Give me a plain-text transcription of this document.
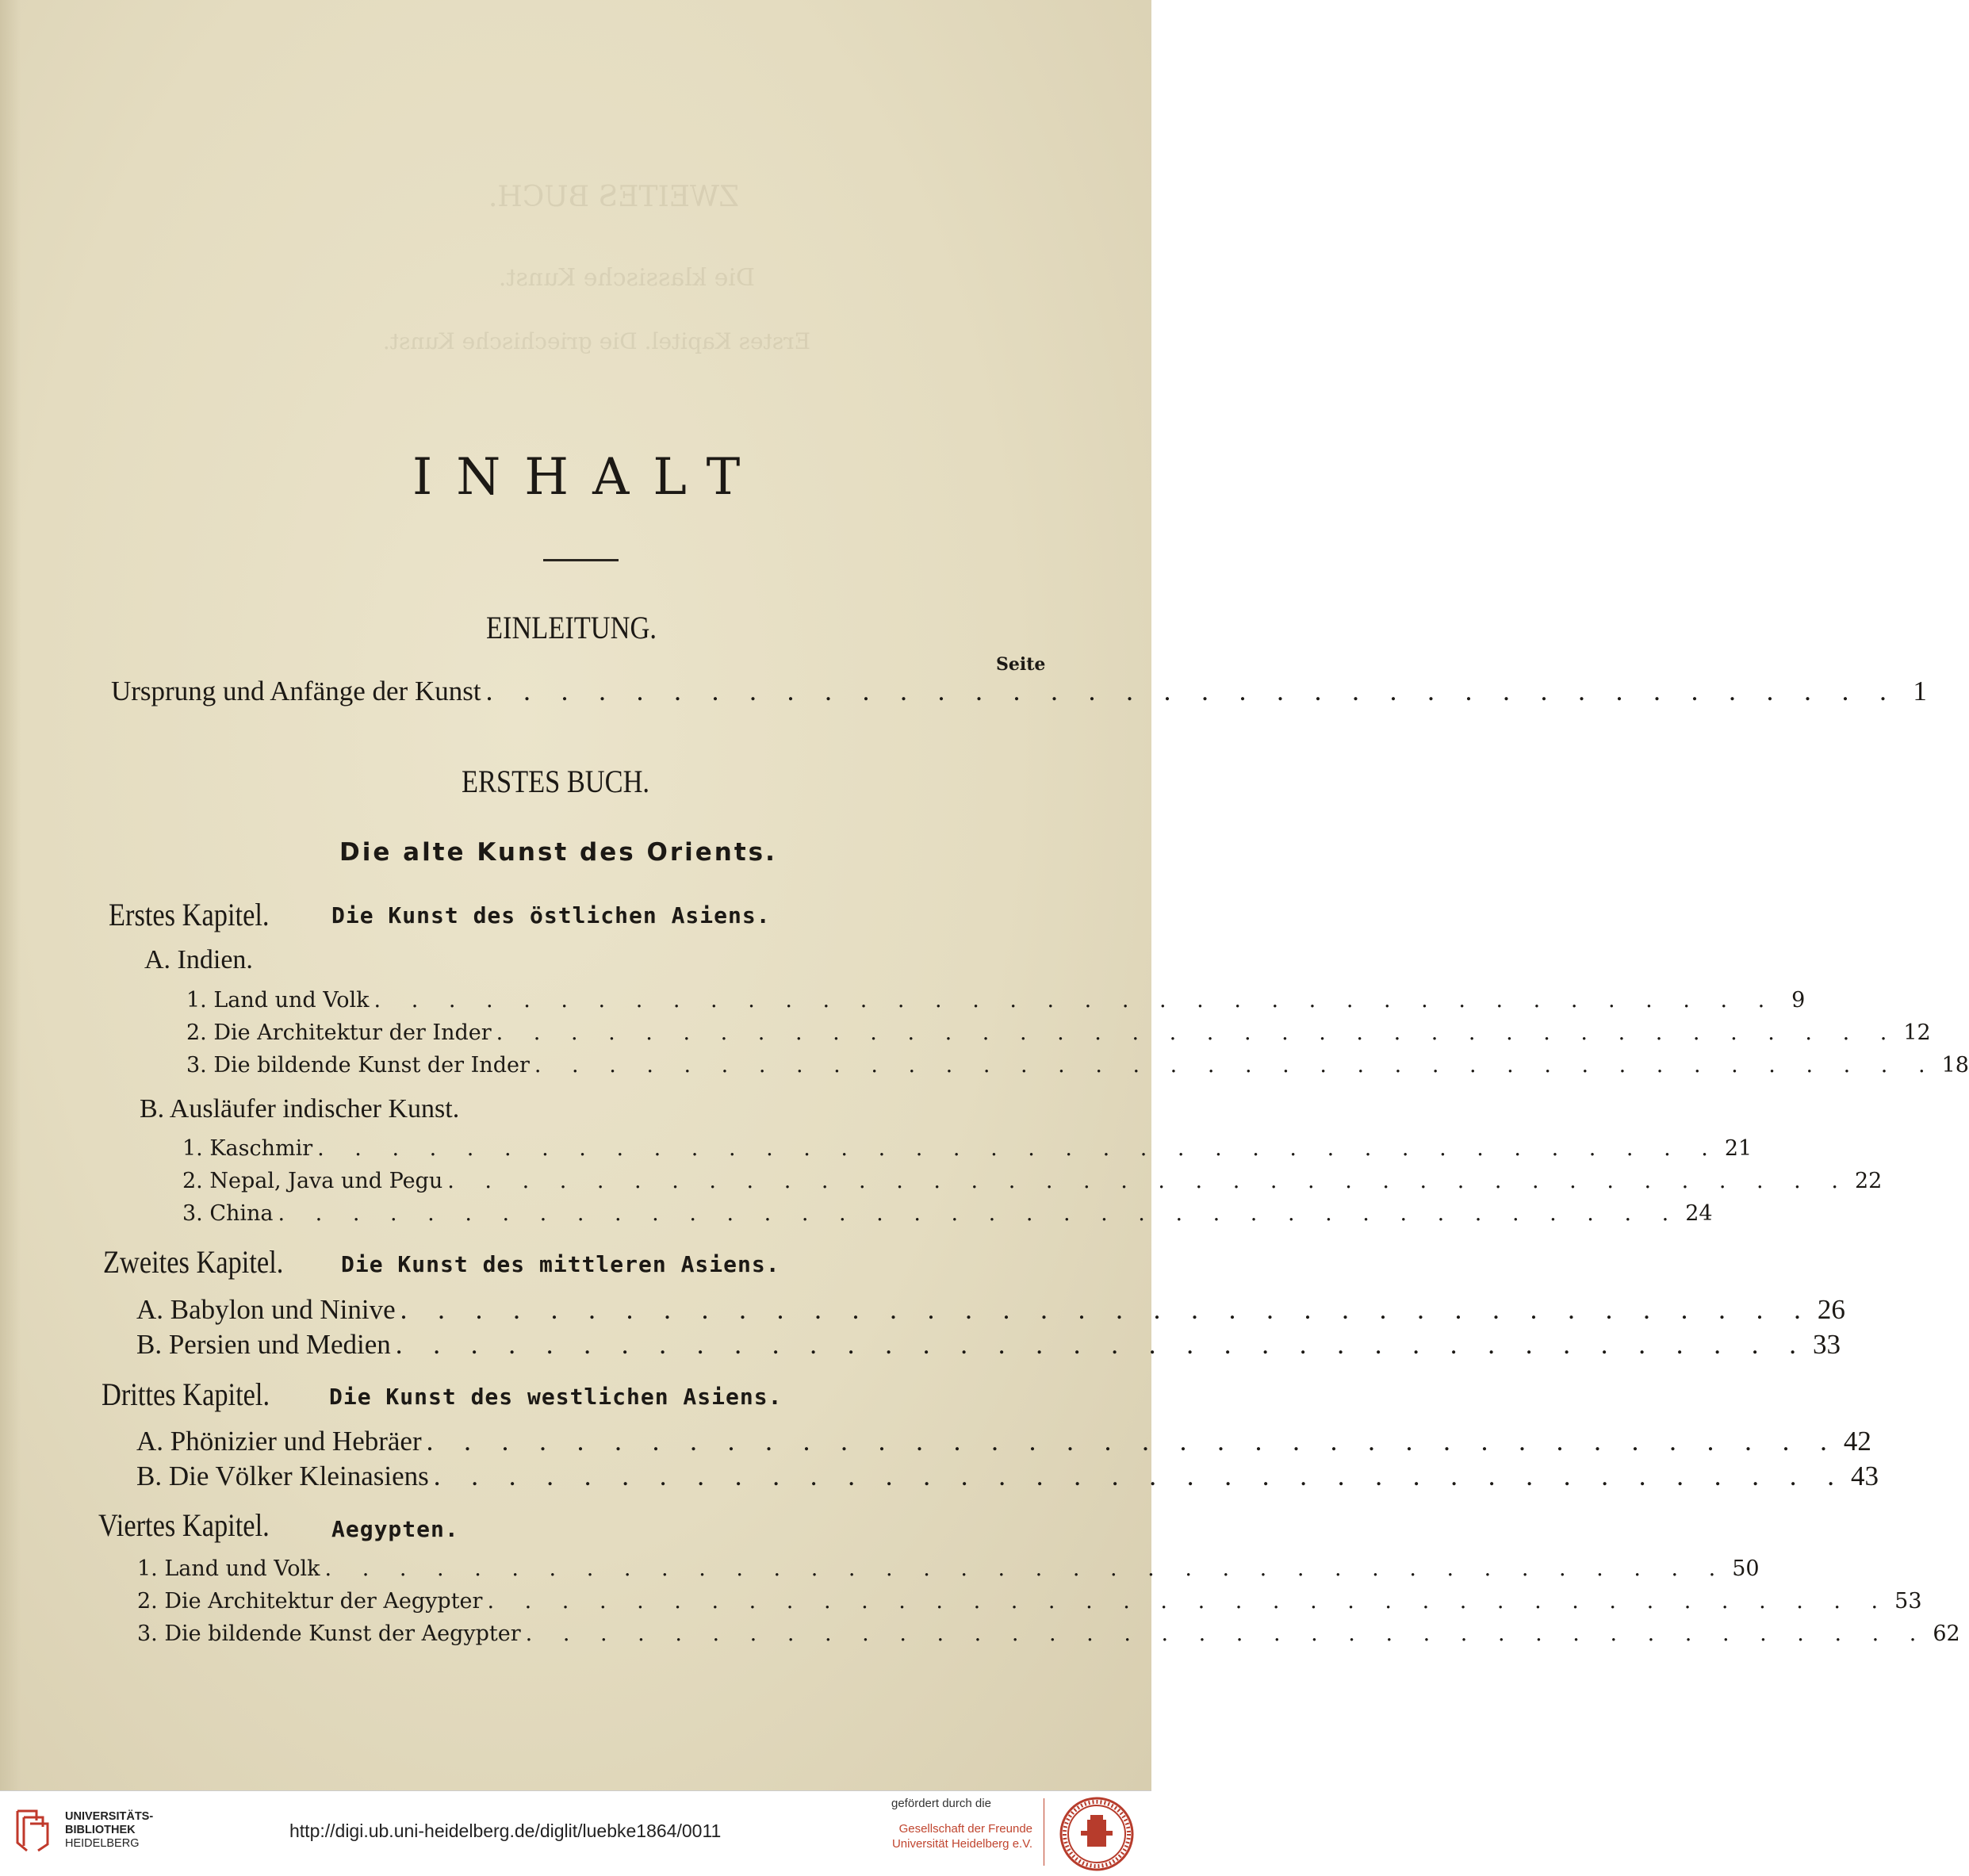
ZWEITES BUCH.
Die klassische Kunst.
Erstes Kapitel. Die griechische Kunst.
INHALT
EINLEITUNG.
Seite
Ursprung und Anfänge der Kunst . . . . . . . . . . . . . . . . . . . . . . . . . . . . . . . . . . . . . . 1
ERSTES BUCH.
Die alte Kunst des Orients.
Erstes Kapitel.	Die Kunst des östlichen Asiens.
A. Indien.
1. Land und Volk . . . . . . . . . . . . . . . . . . . . . . . . . . . . . . . . . . . . . . 9
2. Die Architektur der Inder . . . . . . . . . . . . . . . . . . . . . . . . . . . . . . . . . . . . . . 12
3. Die bildende Kunst der Inder . . . . . . . . . . . . . . . . . . . . . . . . . . . . . . . . . . . . . . 18
B. Ausläufer indischer Kunst.
1. Kaschmir . . . . . . . . . . . . . . . . . . . . . . . . . . . . . . . . . . . . . . 21
2. Nepal, Java und Pegu . . . . . . . . . . . . . . . . . . . . . . . . . . . . . . . . . . . . . . 22
3. China . . . . . . . . . . . . . . . . . . . . . . . . . . . . . . . . . . . . . . 24
Zweites Kapitel.	Die Kunst des mittleren Asiens.
A. Babylon und Ninive . . . . . . . . . . . . . . . . . . . . . . . . . . . . . . . . . . . . . . 26
B. Persien und Medien . . . . . . . . . . . . . . . . . . . . . . . . . . . . . . . . . . . . . . 33
Drittes Kapitel.	Die Kunst des westlichen Asiens.
A. Phönizier und Hebräer . . . . . . . . . . . . . . . . . . . . . . . . . . . . . . . . . . . . . . 42
B. Die Völker Kleinasiens . . . . . . . . . . . . . . . . . . . . . . . . . . . . . . . . . . . . . . 43
Viertes Kapitel.	Aegypten.
1. Land und Volk . . . . . . . . . . . . . . . . . . . . . . . . . . . . . . . . . . . . . . 50
2. Die Architektur der Aegypter . . . . . . . . . . . . . . . . . . . . . . . . . . . . . . . . . . . . . . 53
3. Die bildende Kunst der Aegypter . . . . . . . . . . . . . . . . . . . . . . . . . . . . . . . . . . . . . . 62
UNIVERSITÄTS-
BIBLIOTHEK
HEIDELBERG
http://digi.ub.uni-heidelberg.de/diglit/luebke1864/0011
gefördert durch die
Gesellschaft der Freunde
Universität Heidelberg e.V.
